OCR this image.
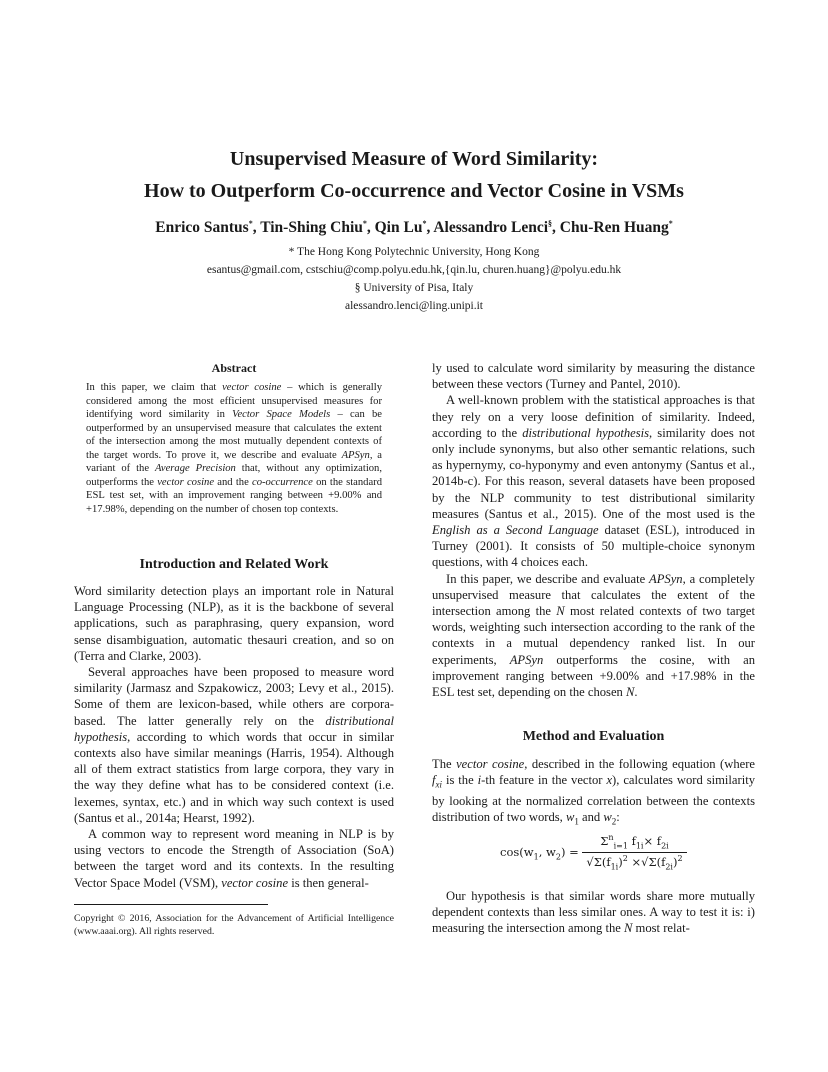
Unsupervised Measure of Word Similarity:
How to Outperform Co-occurrence and Vector Cosine in VSMs
Enrico Santus*, Tin-Shing Chiu*, Qin Lu*, Alessandro Lenci§, Chu-Ren Huang*
* The Hong Kong Polytechnic University, Hong Kong
esantus@gmail.com, cstschiu@comp.polyu.edu.hk,{qin.lu, churen.huang}@polyu.edu.hk
§ University of Pisa, Italy
alessandro.lenci@ling.unipi.it
Abstract
In this paper, we claim that vector cosine – which is generally considered among the most efficient unsupervised measures for identifying word similarity in Vector Space Models – can be outperformed by an unsupervised measure that calculates the extent of the intersection among the most mutually dependent contexts of the target words. To prove it, we describe and evaluate APSyn, a variant of the Average Precision that, without any optimization, outperforms the vector cosine and the co-occurrence on the standard ESL test set, with an improvement ranging between +9.00% and +17.98%, depending on the number of chosen top contexts.
Introduction and Related Work

Word similarity detection plays an important role in Natural Language Processing (NLP), as it is the backbone of several applications, such as paraphrasing, query expansion, word sense disambiguation, automatic thesauri creation, and so on (Terra and Clarke, 2003).

Several approaches have been proposed to measure word similarity (Jarmasz and Szpakowicz, 2003; Levy et al., 2015). Some of them are lexicon-based, while others are corpora-based. The latter generally rely on the distributional hypothesis, according to which words that occur in similar contexts also have similar meanings (Harris, 1954). Although all of them extract statistics from large corpora, they vary in the way they define what has to be considered context (i.e. lexemes, syntax, etc.) and in which way such context is used (Santus et al., 2014a; Hearst, 1992).

A common way to represent word meaning in NLP is by using vectors to encode the Strength of Association (SoA) between the target word and its contexts. In the resulting Vector Space Model (VSM), vector cosine is then general-

Copyright © 2016, Association for the Advancement of Artificial Intelligence (www.aaai.org). All rights reserved.

ly used to calculate word similarity by measuring the distance between these vectors (Turney and Pantel, 2010).

A well-known problem with the statistical approaches is that they rely on a very loose definition of similarity. Indeed, according to the distributional hypothesis, similarity does not only include synonyms, but also other semantic relations, such as hypernymy, co-hyponymy and even antonymy (Santus et al., 2014b-c). For this reason, several datasets have been proposed by the NLP community to test distributional similarity measures (Santus et al., 2015). One of the most used is the English as a Second Language dataset (ESL), introduced in Turney (2001). It consists of 50 multiple-choice synonym questions, with 4 choices each.

In this paper, we describe and evaluate APSyn, a completely unsupervised measure that calculates the extent of the intersection among the N most related contexts of two target words, weighting such intersection according to the rank of the contexts in a mutual dependency ranked list. In our experiments, APSyn outperforms the cosine, with an improvement ranging between +9.00% and +17.98% in the ESL test set, depending on the chosen N.

Method and Evaluation

The vector cosine, described in the following equation (where $f_{xi}$ is the i-th feature in the vector x), calculates word similarity by looking at the normalized correlation between the contexts distribution of two words, $w_1$ and $w_2$:

$\cos(w_1$, $w_2) = \frac{\Sigma^n_{i=1} f_{1i}\times f_{2i}}{√\Sigma(f_{1i})^2 \times√\Sigma(f_{2i})^2}$

Our hypothesis is that similar words share more mutually dependent contexts than less similar ones. A way to test it is: i) measuring the intersection among the N most relat-
